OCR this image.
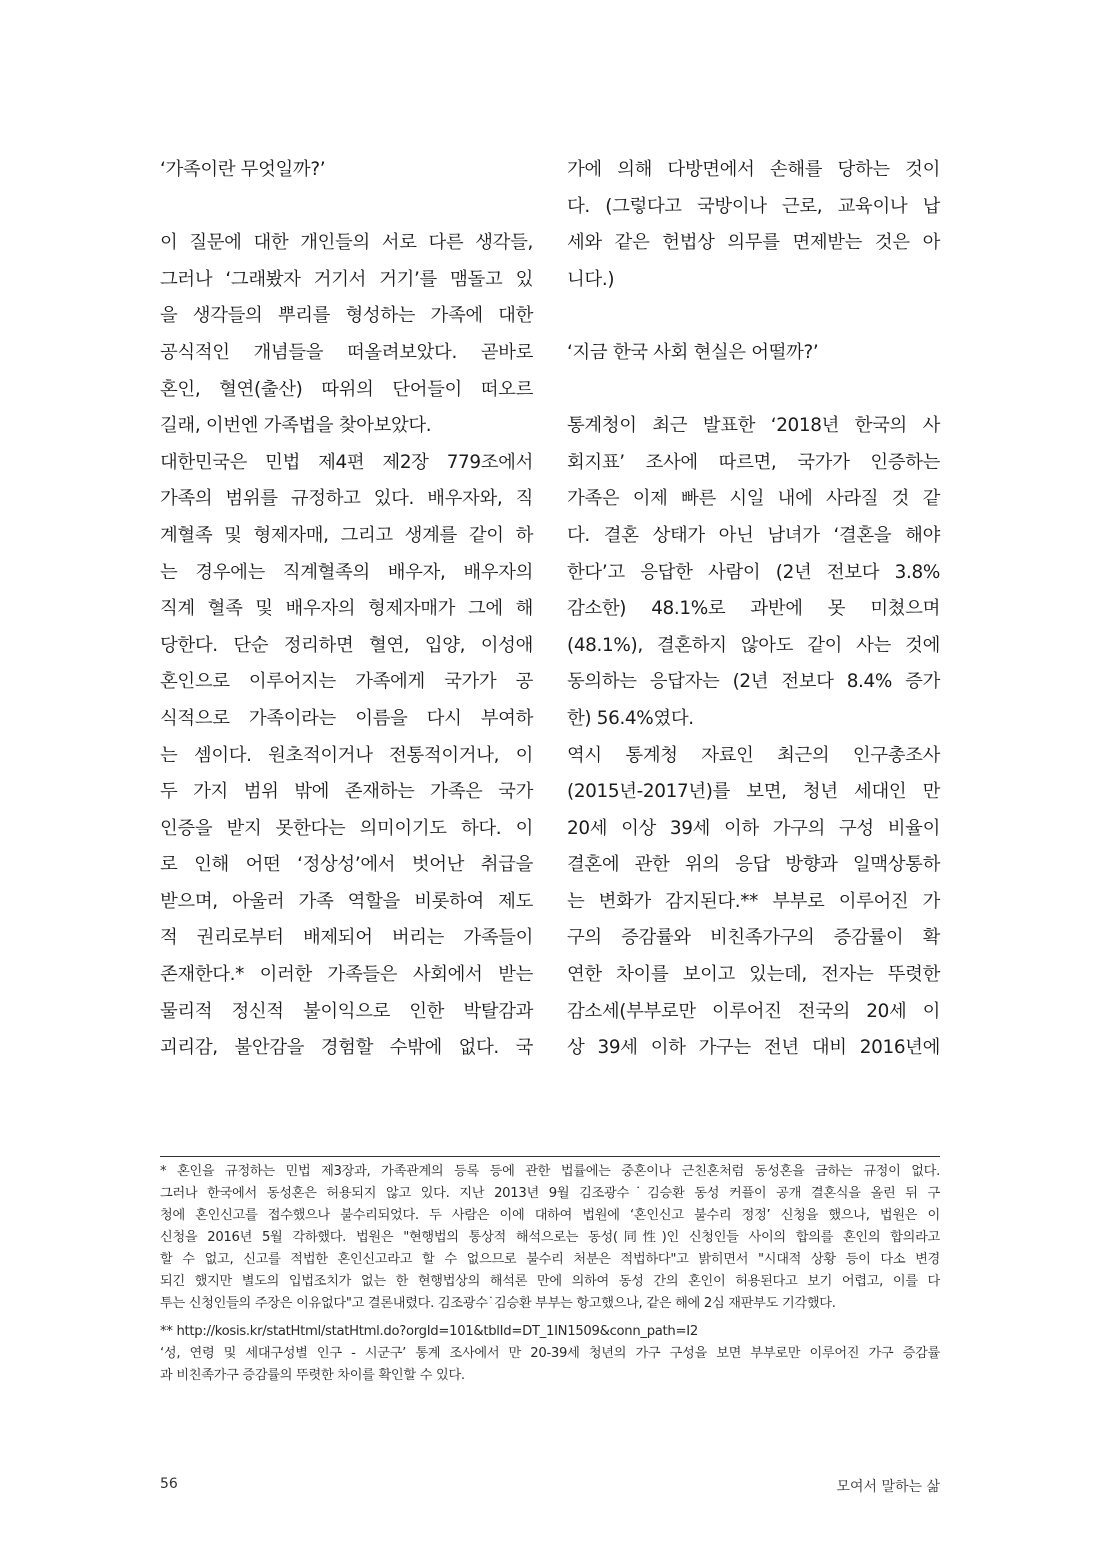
‘가족이란 무엇일까?’
이 질문에 대한 개인들의 서로 다른 생각들,
그러나 ‘그래봤자 거기서 거기’를 맴돌고 있
을 생각들의 뿌리를 형성하는 가족에 대한
공식적인 개념들을 떠올려보았다. 곧바로
혼인, 혈연(출산) 따위의 단어들이 떠오르
길래, 이번엔 가족법을 찾아보았다.
대한민국은 민법 제4편 제2장 779조에서
가족의 범위를 규정하고 있다. 배우자와, 직
계혈족 및 형제자매, 그리고 생계를 같이 하
는 경우에는 직계혈족의 배우자, 배우자의
직계 혈족 및 배우자의 형제자매가 그에 해
당한다. 단순 정리하면 혈연, 입양, 이성애
혼인으로 이루어지는 가족에게 국가가 공
식적으로 가족이라는 이름을 다시 부여하
는 셈이다. 원초적이거나 전통적이거나, 이
두 가지 범위 밖에 존재하는 가족은 국가
인증을 받지 못한다는 의미이기도 하다. 이
로 인해 어떤 ‘정상성’에서 벗어난 취급을
받으며, 아울러 가족 역할을 비롯하여 제도
적 권리로부터 배제되어 버리는 가족들이
존재한다.* 이러한 가족들은 사회에서 받는
물리적 정신적 불이익으로 인한 박탈감과
괴리감, 불안감을 경험할 수밖에 없다. 국
가에 의해 다방면에서 손해를 당하는 것이
다. (그렇다고 국방이나 근로, 교육이나 납
세와 같은 헌법상 의무를 면제받는 것은 아
니다.)
‘지금 한국 사회 현실은 어떨까?’
통계청이 최근 발표한 ‘2018년 한국의 사
회지표’ 조사에 따르면, 국가가 인증하는
가족은 이제 빠른 시일 내에 사라질 것 같
다. 결혼 상태가 아닌 남녀가 ‘결혼을 해야
한다’고 응답한 사람이 (2년 전보다 3.8%
감소한) 48.1%로 과반에 못 미쳤으며
(48.1%), 결혼하지 않아도 같이 사는 것에
동의하는 응답자는 (2년 전보다 8.4% 증가
한) 56.4%였다.
역시 통계청 자료인 최근의 인구총조사
(2015년-2017년)를 보면, 청년 세대인 만
20세 이상 39세 이하 가구의 구성 비율이
결혼에 관한 위의 응답 방향과 일맥상통하
는 변화가 감지된다.** 부부로 이루어진 가
구의 증감률와 비친족가구의 증감률이 확
연한 차이를 보이고 있는데, 전자는 뚜렷한
감소세(부부로만 이루어진 전국의 20세 이
상 39세 이하 가구는 전년 대비 2016년에
* 혼인을 규정하는 민법 제3장과, 가족관계의 등록 등에 관한 법률에는 중혼이나 근친혼처럼 동성혼을 금하는 규정이 없다.
그러나 한국에서 동성혼은 허용되지 않고 있다. 지난 2013년 9월 김조광수˙김승환 동성 커플이 공개 결혼식을 올린 뒤 구
청에 혼인신고를 접수했으나 불수리되었다. 두 사람은 이에 대하여 법원에 ‘혼인신고 불수리 정정’ 신청을 했으나, 법원은 이
신청을 2016년 5월 각하했다. 법원은 "현행법의 통상적 해석으로는 동성(同性)인 신청인들 사이의 합의를 혼인의 합의라고
할 수 없고, 신고를 적법한 혼인신고라고 할 수 없으므로 불수리 처분은 적법하다"고 밝히면서 "시대적 상황 등이 다소 변경
되긴 했지만 별도의 입법조치가 없는 한 현행법상의 해석론 만에 의하여 동성 간의 혼인이 허용된다고 보기 어렵고, 이를 다
투는 신청인들의 주장은 이유없다"고 결론내렸다. 김조광수˙김승환 부부는 항고했으나, 같은 해에 2심 재판부도 기각했다.
** http://kosis.kr/statHtml/statHtml.do?orgId=101&tblId=DT_1IN1509&conn_path=I2
‘성, 연령 및 세대구성별 인구 - 시군구’ 통계 조사에서 만 20-39세 청년의 가구 구성을 보면 부부로만 이루어진 가구 증감률
과 비친족가구 증감률의 뚜렷한 차이를 확인할 수 있다.
56	모여서 말하는 삶
